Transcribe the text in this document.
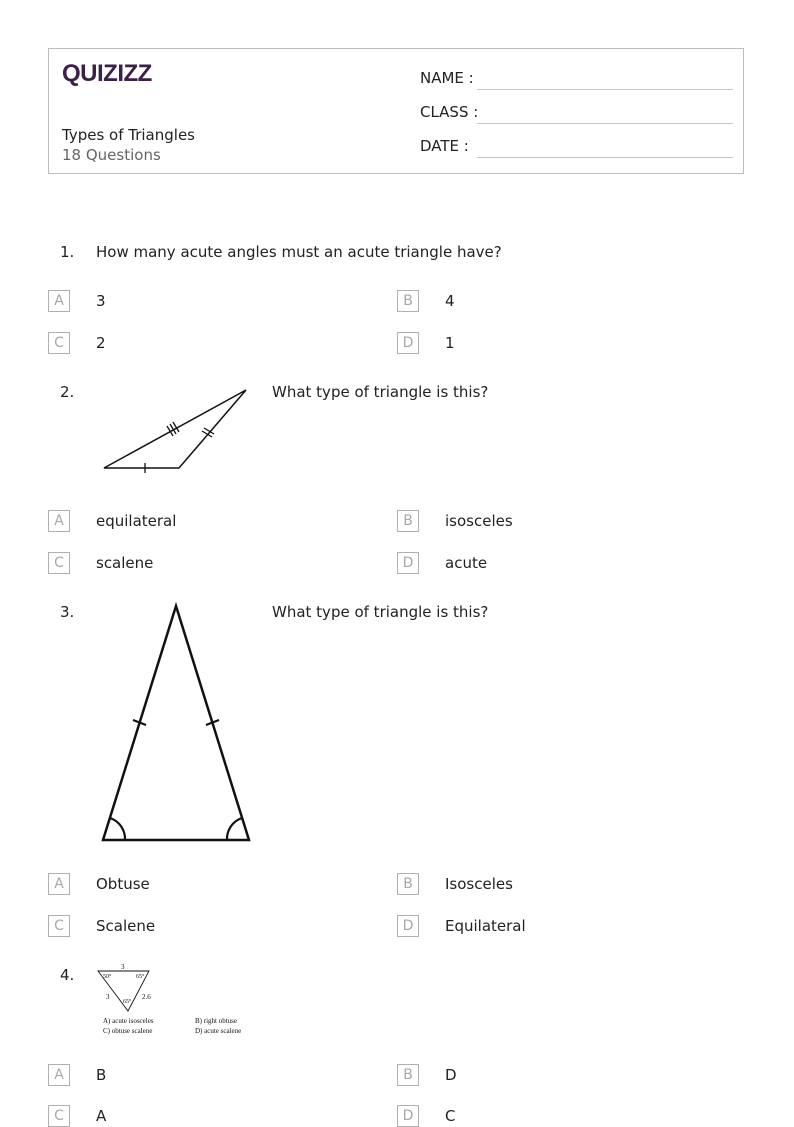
QUIZIZZ
Types of Triangles
18 Questions
NAME :
CLASS :
DATE :
1. How many acute angles must an acute triangle have?
A	3	B	4
C	2	D	1
2.	What type of triangle is this?
A	equilateral	B	isosceles
C	scalene	D	acute
3.	What type of triangle is this?
A	Obtuse	B	Isosceles
C	Scalene	D	Equilateral
4.	3
50°	65°
3
65°
2.6
A) acute isosceles	B) right obtuse
C) obtuse scalene	D) acute scalene
A	B	B	D
C	A	D	C
